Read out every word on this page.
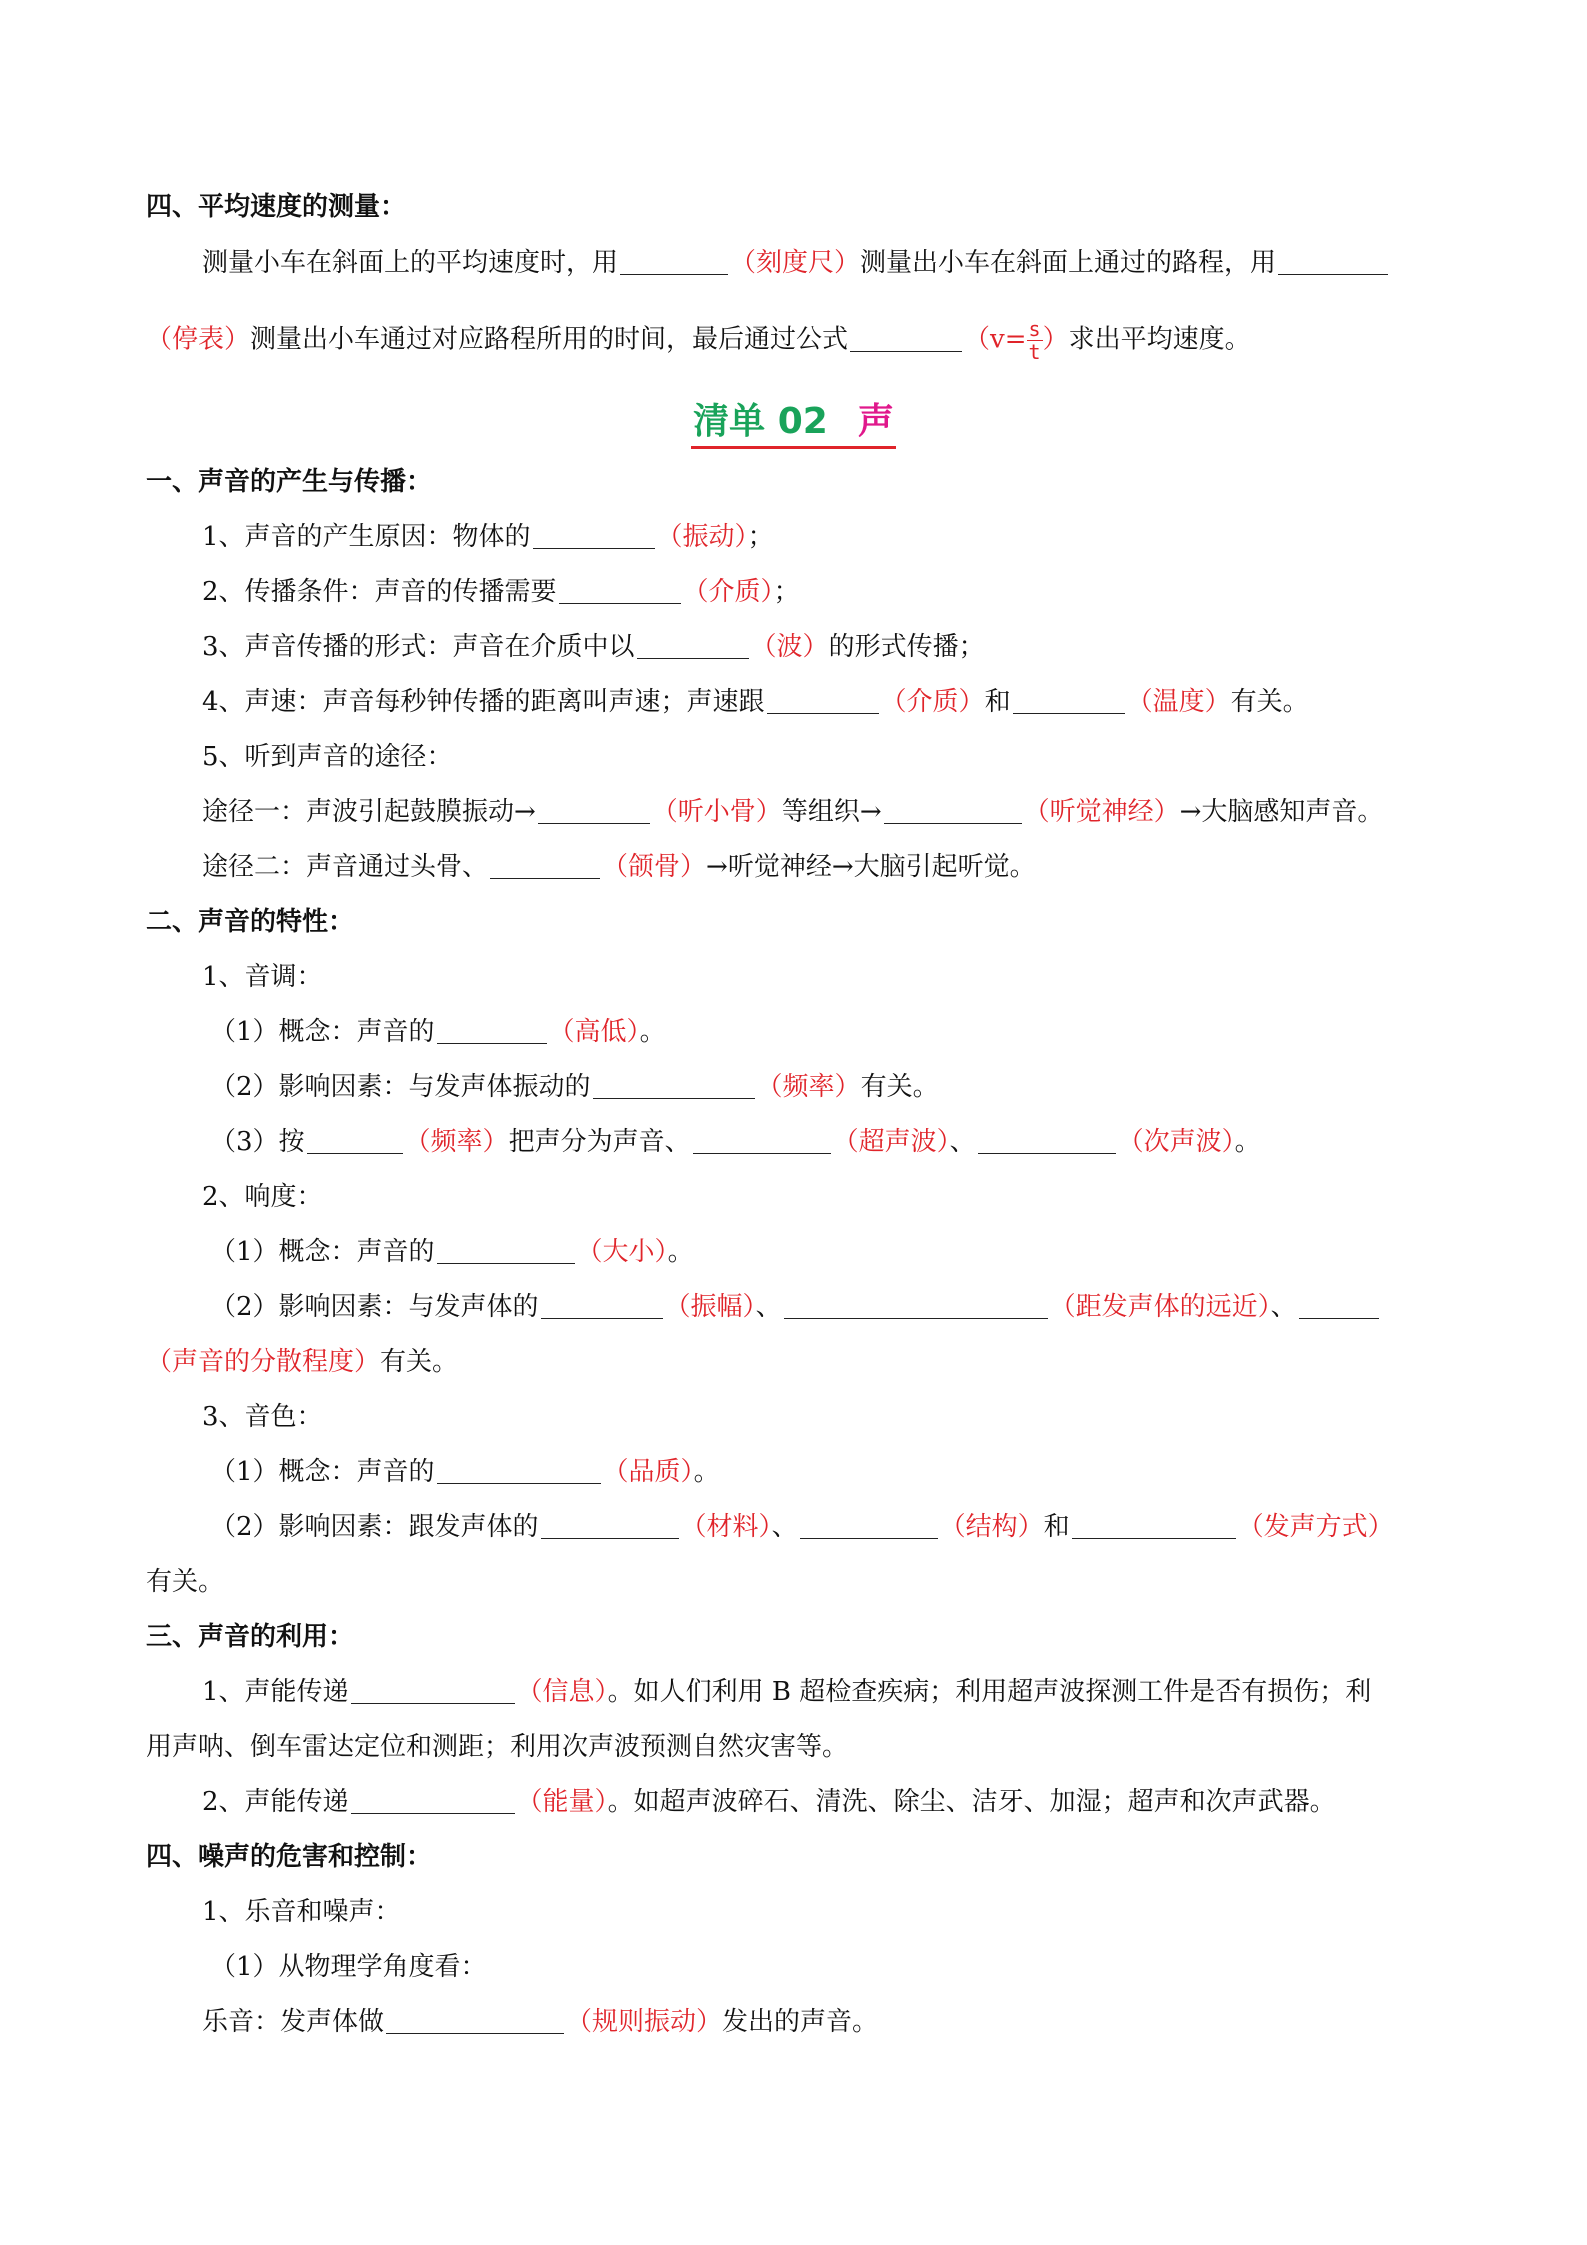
四、平均速度的测量：
测量小车在斜面上的平均速度时，用	（刻度尺）测量出小车在斜面上通过的路程，用
（停表）测量出小车通过对应路程所用的时间，最后通过公式	（$v= \frac{s}{t}$ ）求出平均速度。
清单 02 声
一、声音的产生与传播：
1、声音的产生原因：物体的	（振动）；
2、传播条件：声音的传播需要	（介质）；
3、声音传播的形式：声音在介质中以	（波）的形式传播；
4、声速：声音每秒钟传播的距离叫声速；声速跟	（介质）和	（温度）有关。
5、听到声音的途径：
途径一：声波引起鼓膜振动→	（听小骨）等组织→	（听觉神经）→大脑感知声音。
途径二：声音通过头骨、	（颌骨）→听觉神经→大脑引起听觉。
二、声音的特性：
1、音调：
（1）概念：声音的	（高低）。
（2）影响因素：与发声体振动的	（频率）有关。
（3）按	（频率）把声分为声音、	（超声波）、	（次声波）。
2、响度：
（1）概念：声音的	（大小）。
（2）影响因素：与发声体的	（振幅）、	（距发声体的远近）、
（声音的分散程度）有关。
3、音色：
（1）概念：声音的	（品质）。
（2）影响因素：跟发声体的	（材料）、	（结构）和	（发声方式）
有关。
三、声音的利用：
1、声能传递	（信息）。如人们利用 B 超检查疾病；利用超声波探测工件是否有损伤；利
用声呐、倒车雷达定位和测距；利用次声波预测自然灾害等。
2、声能传递	（能量）。如超声波碎石、清洗、除尘、洁牙、加湿；超声和次声武器。
四、噪声的危害和控制：
1、乐音和噪声：
（1）从物理学角度看：
乐音：发声体做	（规则振动）发出的声音。
